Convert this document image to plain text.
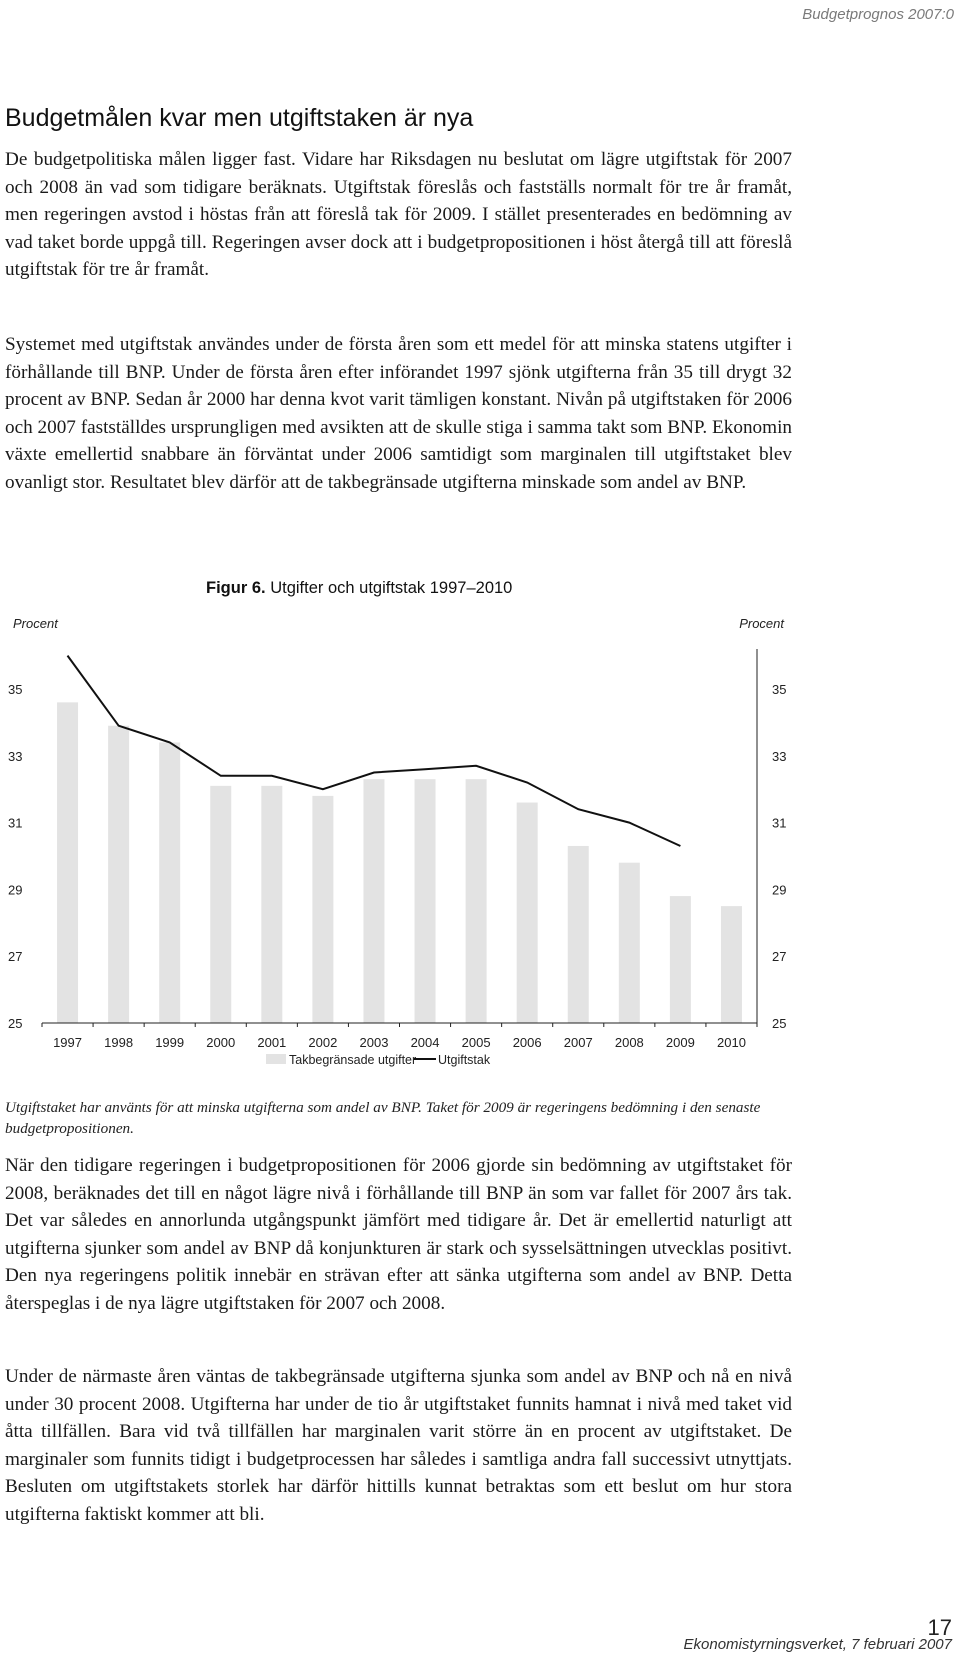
Budgetprognos 2007:0
Budgetmålen kvar men utgiftstaken är nya

De budgetpolitiska målen ligger fast. Vidare har Riksdagen nu beslutat om lägre utgiftstak för 2007 och 2008 än vad som tidigare beräknats. Utgiftstak föreslås och fastställs normalt för tre år framåt, men regeringen avstod i höstas från att föreslå tak för 2009. I stället presenterades en bedömning av vad taket borde uppgå till. Regeringen avser dock att i budgetpropositionen i höst återgå till att föreslå utgiftstak för tre år framåt.

Systemet med utgiftstak användes under de första åren som ett medel för att minska statens utgifter i förhållande till BNP. Under de första åren efter införandet 1997 sjönk utgifterna från 35 till drygt 32 procent av BNP. Sedan år 2000 har denna kvot varit tämligen konstant. Nivån på utgiftstaken för 2006 och 2007 fastställdes ursprungligen med avsikten att de skulle stiga i samma takt som BNP. Ekonomin växte emellertid snabbare än förväntat under 2006 samtidigt som marginalen till utgiftstaket blev ovanligt stor. Resultatet blev därför att de takbegränsade utgifterna minskade som andel av BNP.

Figur 6. Utgifter och utgiftstak 1997–2010
Procent	Procent
25	25
27	27
29	29
31	31
33	33
35	35
1997 1998 1999 2000 2001 2002 2003 2004 2005 2006 2007 2008 2009 2010
Takbegränsade utgifter Utgiftstak

Utgiftstaket har använts för att minska utgifterna som andel av BNP. Taket för 2009 är regeringens bedömning i den senaste budgetpropositionen.

När den tidigare regeringen i budgetpropositionen för 2006 gjorde sin bedömning av utgiftstaket för 2008, beräknades det till en något lägre nivå i förhållande till BNP än som var fallet för 2007 års tak. Det var således en annorlunda utgångspunkt jämfört med tidigare år. Det är emellertid naturligt att utgifterna sjunker som andel av BNP då konjunkturen är stark och sysselsättningen utvecklas positivt. Den nya regeringens politik innebär en strävan efter att sänka utgifterna som andel av BNP. Detta återspeglas i de nya lägre utgiftstaken för 2007 och 2008.

Under de närmaste åren väntas de takbegränsade utgifterna sjunka som andel av BNP och nå en nivå under 30 procent 2008. Utgifterna har under de tio år utgiftstaket funnits hamnat i nivå med taket vid åtta tillfällen. Bara vid två tillfällen har marginalen varit större än en procent av utgiftstaket. De marginaler som funnits tidigt i budgetprocessen har således i samtliga andra fall successivt utnyttjats. Besluten om utgiftstakets storlek har därför hittills kunnat betraktas som ett beslut om hur stora utgifterna faktiskt kommer att bli.

17
Ekonomistyrningsverket, 7 februari 2007
